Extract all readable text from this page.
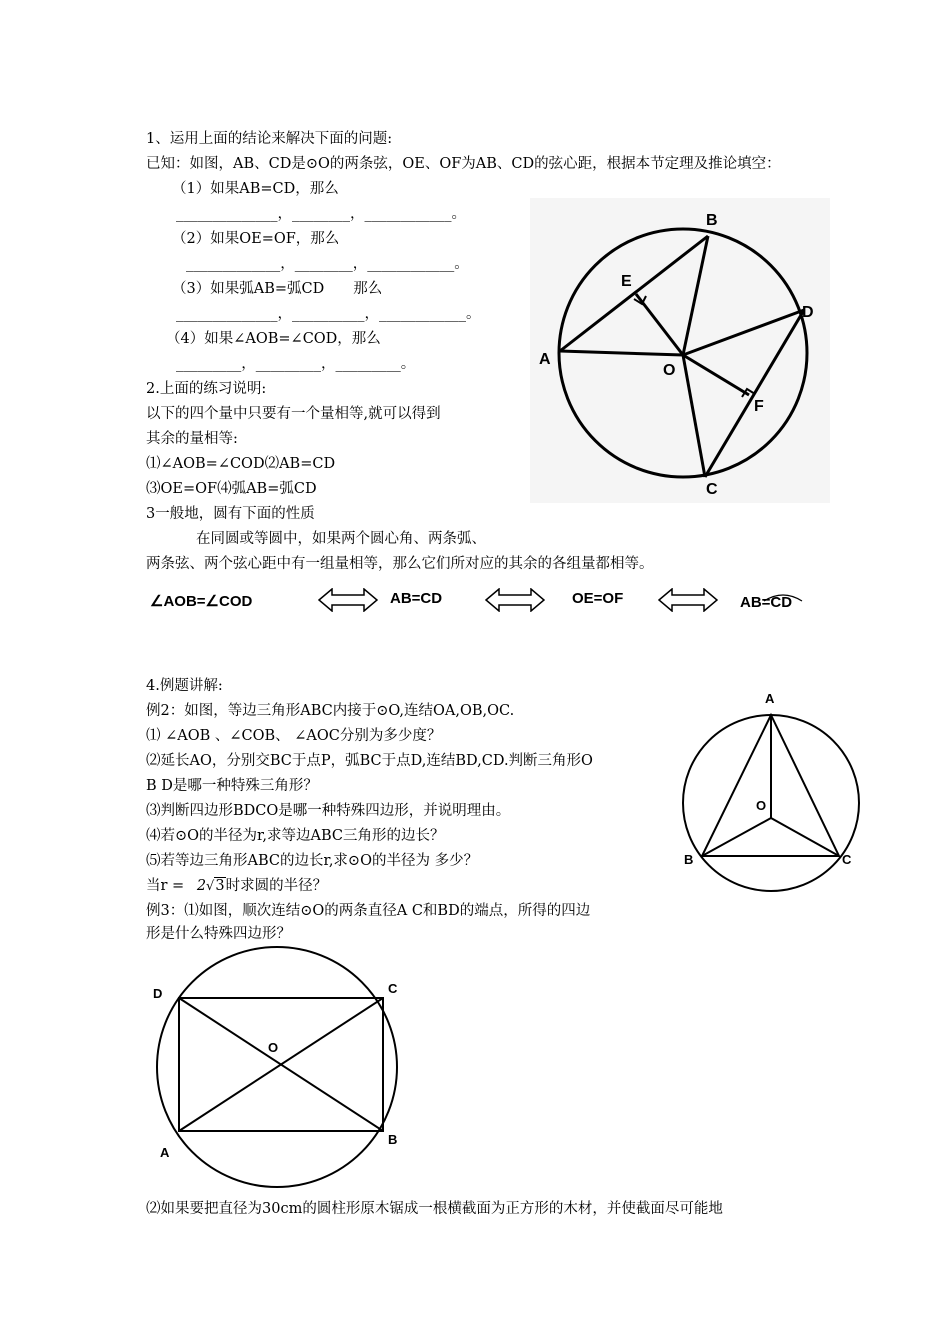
1、运用上面的结论来解决下面的问题:
已知：如图，AB、CD是⊙O的两条弦，OE、OF为AB、CD的弦心距，根据本节定理及推论填空：
（1）如果AB=CD，那么
______________，________，____________。
（2）如果OE=OF，那么
_____________，________，____________。
（3）如果弧AB=弧CD　　那么
______________，__________，____________。
（4）如果∠AOB=∠COD，那么
_________，_________，_________。
2.上面的练习说明:
以下的四个量中只要有一个量相等,就可以得到
其余的量相等:
⑴∠AOB=∠COD⑵AB=CD
⑶OE=OF⑷弧AB=弧CD
3一般地，圆有下面的性质
在同圆或等圆中，如果两个圆心角、两条弧、
两条弦、两个弦心距中有一组量相等，那么它们所对应的其余的各组量都相等。
B
E
D
A
O
F
C
∠AOB=∠COD	AB=CD	OE=OF	AB=CD
4.例题讲解:
例2：如图，等边三角形ABC内接于⊙O,连结OA,OB,OC.
⑴ ∠AOB 、∠COB、 ∠AOC分别为多少度？
⑵延长AO，分别交BC于点P，弧BC于点D,连结BD,CD.判断三角形O
B D是哪一种特殊三角形？
⑶判断四边形BDCO是哪一种特殊四边形，并说明理由。
⑷若⊙O的半径为r,求等边ABC三角形的边长？
⑸若等边三角形ABC的边长r,求⊙O的半径为 多少？
当r = 2√3时求圆的半径？
例3：⑴如图，顺次连结⊙O的两条直径A C和BD的端点，所得的四边
形是什么特殊四边形？
A
O
B	C
D	C
O
A
B
⑵如果要把直径为30cm的圆柱形原木锯成一根横截面为正方形的木材，并使截面尽可能地
